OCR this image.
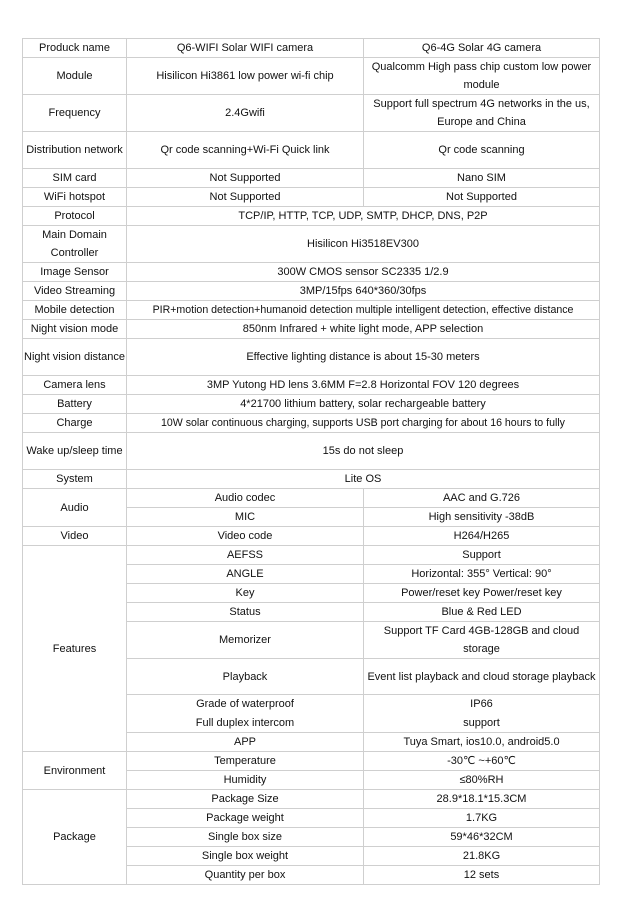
Produck name	Q6-WIFI Solar WIFI camera	Q6-4G Solar 4G camera
Module	Hisilicon Hi3861 low power wi-fi chip	Qualcomm High pass chip custom low power module
Frequency	2.4Gwifi	Support full spectrum 4G networks in the us, Europe and China
Distribution network	Qr code scanning+Wi-Fi Quick link	Qr code scanning
SIM card	Not Supported	Nano SIM
WiFi hotspot	Not Supported	Not Supported
Protocol	TCP/IP, HTTP, TCP, UDP, SMTP, DHCP, DNS, P2P	
Main Domain Controller	Hisilicon Hi3518EV300	
Image Sensor	300W CMOS sensor SC2335 1/2.9	
Video Streaming	3MP/15fps 640*360/30fps	
Mobile detection	PIR+motion detection+humanoid detection multiple intelligent detection, effective distance	
Night vision mode	850nm Infrared + white light mode, APP selection	
Night vision distance	Effective lighting distance is about 15-30 meters	
Camera lens	3MP Yutong HD lens 3.6MM F=2.8 Horizontal FOV 120 degrees	
Battery	4*21700 lithium battery, solar rechargeable battery	
Charge	10W solar continuous charging, supports USB port charging for about 16 hours to fully	
Wake up/sleep time	15s do not sleep	
System	Lite OS	
Audio	Audio codec	AAC and G.726
	MIC	High sensitivity -38dB
Video	Video code	H264/H265
Features	AEFSS	Support
	ANGLE	Horizontal: 355° Vertical: 90°
	Key	Power/reset key Power/reset key
	Status	Blue & Red LED
	Memorizer	Support TF Card 4GB-128GB and cloud storage
	Playback	Event list playback and cloud storage playback
	Grade of waterproof	IP66
	Full duplex intercom	support
	APP	Tuya Smart, ios10.0, android5.0

Environment	Temperature	-30℃ ~+60℃
	Humidity	≤80%RH
Package	Package Size	28.9*18.1*15.3CM
	Package weight	1.7KG
	Single box size	59*46*32CM
	Single box weight	21.8KG
	Quantity per box	12 sets
